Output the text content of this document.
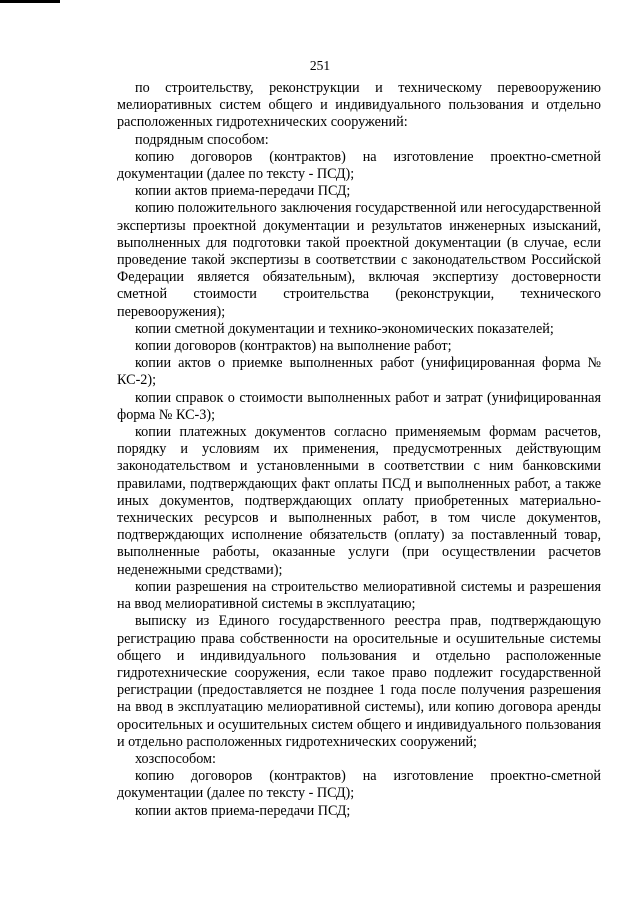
251

по строительству, реконструкции и техническому перевооружению мелиоративных систем общего и индивидуального пользования и отдельно расположенных гидротехнических сооружений:

подрядным способом:

копию договоров (контрактов) на изготовление проектно-сметной документации (далее по тексту - ПСД);

копии актов приема-передачи ПСД;

копию положительного заключения государственной или негосударственной экспертизы проектной документации и результатов инженерных изысканий, выполненных для подготовки такой проектной документации (в случае, если проведение такой экспертизы в соответствии с законодательством Российской Федерации является обязательным), включая экспертизу достоверности сметной стоимости строительства (реконструкции, технического перевооружения);

копии сметной документации и технико-экономических показателей;

копии договоров (контрактов) на выполнение работ;

копии актов о приемке выполненных работ (унифицированная форма № КС-2);

копии справок о стоимости выполненных работ и затрат (унифицированная форма № КС-3);

копии платежных документов согласно применяемым формам расчетов, порядку и условиям их применения, предусмотренных действующим законодательством и установленными в соответствии с ним банковскими правилами, подтверждающих факт оплаты ПСД и выполненных работ, а также иных документов, подтверждающих оплату приобретенных материально-технических ресурсов и выполненных работ, в том числе документов, подтверждающих исполнение обязательств (оплату) за поставленный товар, выполненные работы, оказанные услуги (при осуществлении расчетов неденежными средствами);

копии разрешения на строительство мелиоративной системы и разрешения на ввод мелиоративной системы в эксплуатацию;

выписку из Единого государственного реестра прав, подтверждающую регистрацию права собственности на оросительные и осушительные системы общего и индивидуального пользования и отдельно расположенные гидротехнические сооружения, если такое право подлежит государственной регистрации (предоставляется не позднее 1 года после получения разрешения на ввод в эксплуатацию мелиоративной системы), или копию договора аренды оросительных и осушительных систем общего и индивидуального пользования и отдельно расположенных гидротехнических сооружений;

хозспособом:

копию договоров (контрактов) на изготовление проектно-сметной документации (далее по тексту - ПСД);

копии актов приема-передачи ПСД;
